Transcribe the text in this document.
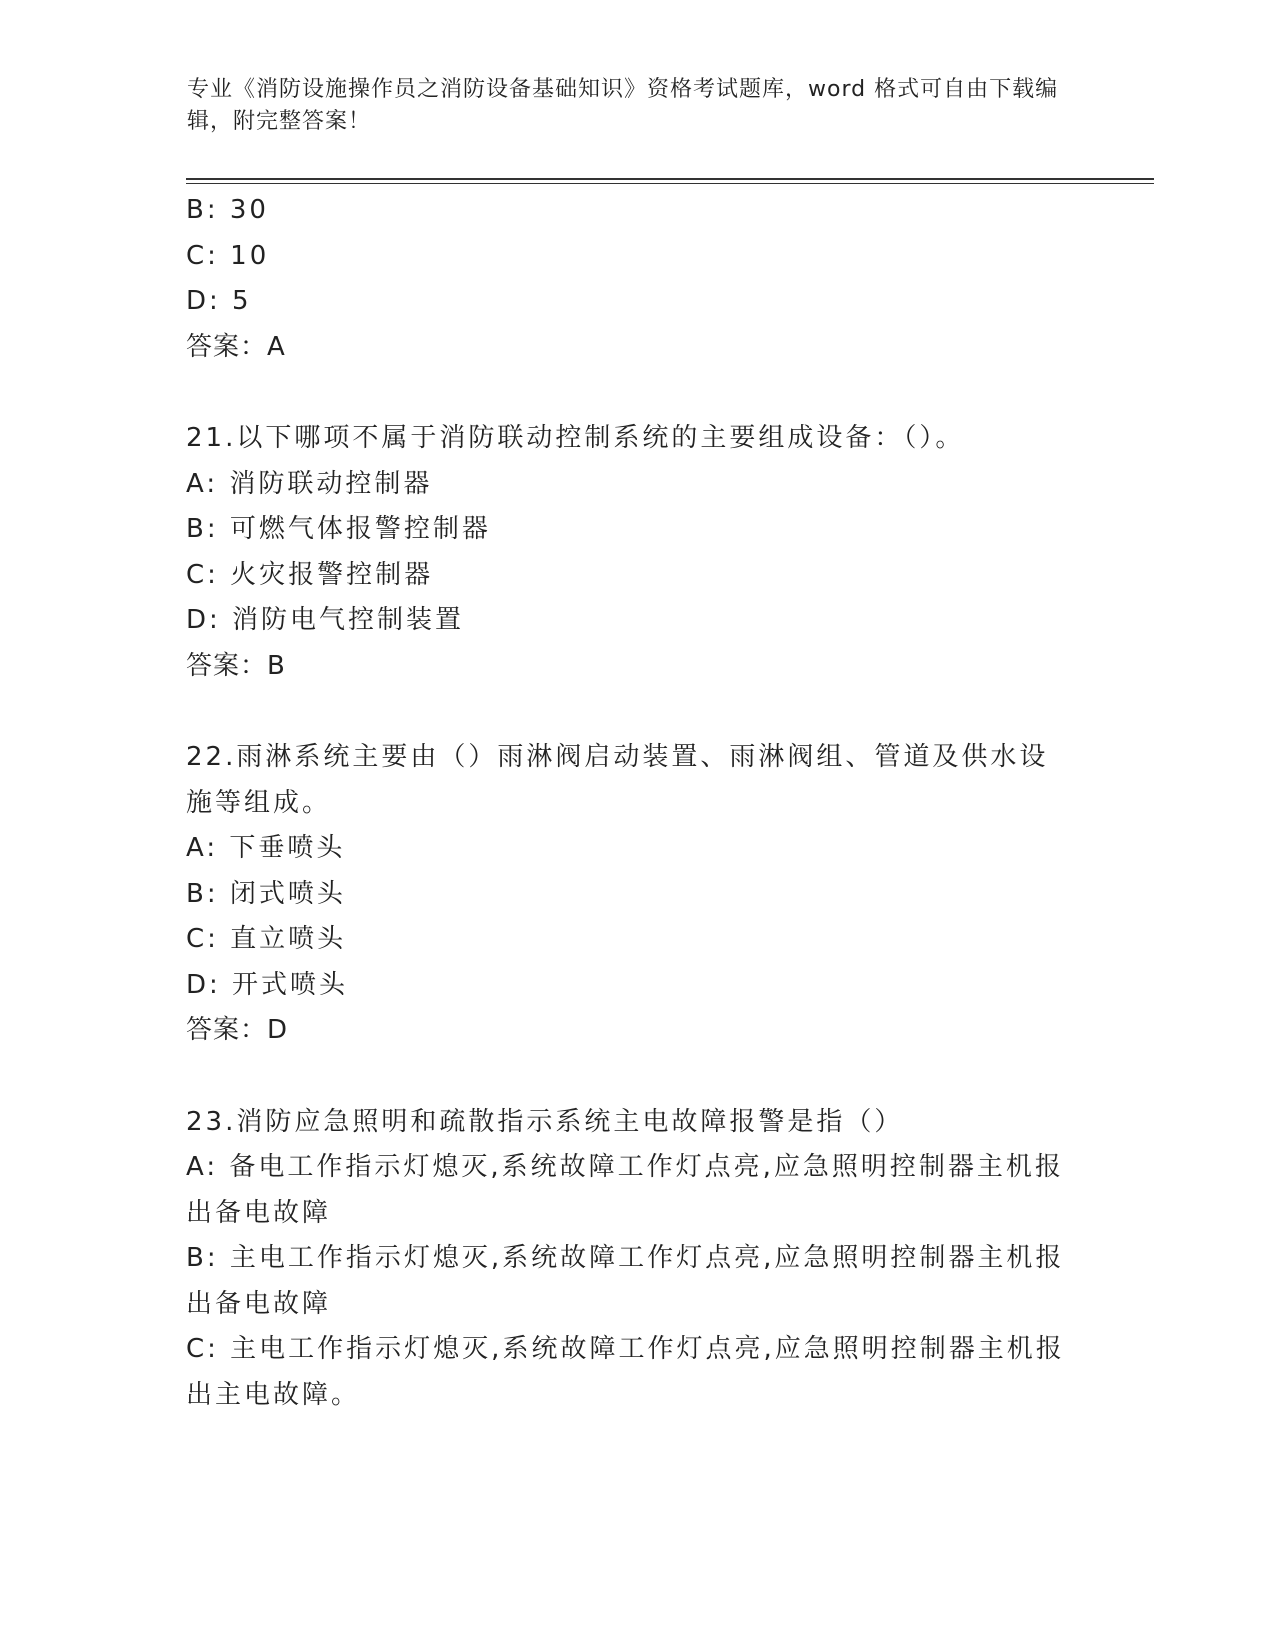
专业《消防设施操作员之消防设备基础知识》资格考试题库，word 格式可自由下载编辑，附完整答案！
B: 30
C: 10
D: 5
答案：A
21.以下哪项不属于消防联动控制系统的主要组成设备：（）。
A: 消防联动控制器
B: 可燃气体报警控制器
C: 火灾报警控制器
D: 消防电气控制装置
答案：B
22.雨淋系统主要由（）雨淋阀启动装置、雨淋阀组、管道及供水设施等组成。
A: 下垂喷头
B: 闭式喷头
C: 直立喷头
D: 开式喷头
答案：D
23.消防应急照明和疏散指示系统主电故障报警是指（）
A: 备电工作指示灯熄灭,系统故障工作灯点亮,应急照明控制器主机报出备电故障
B: 主电工作指示灯熄灭,系统故障工作灯点亮,应急照明控制器主机报出备电故障
C: 主电工作指示灯熄灭,系统故障工作灯点亮,应急照明控制器主机报出主电故障。
